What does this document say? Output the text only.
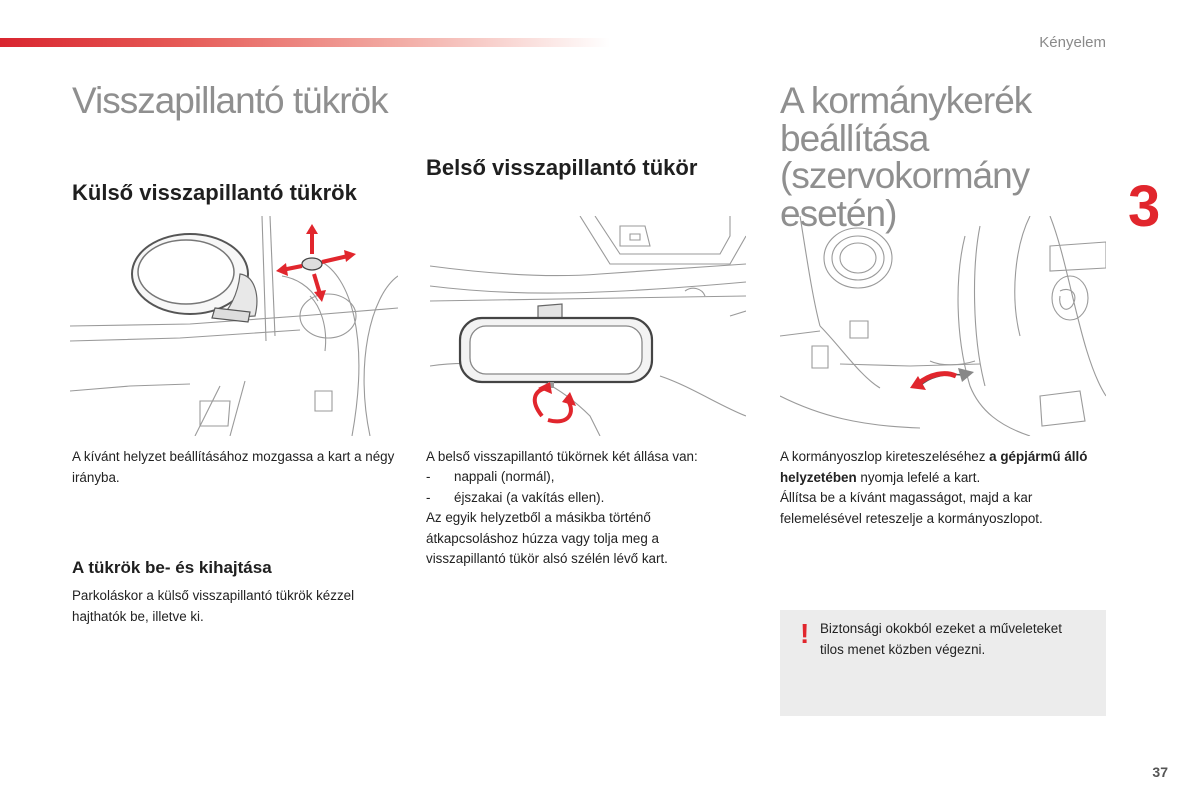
Kényelem
3
Visszapillantó tükrök
Külső visszapillantó tükrök

A kívánt helyzet beállításához mozgassa a kart a négy irányba.

A tükrök be- és kihajtása

Parkoláskor a külső visszapillantó tükrök kézzel hajthatók be, illetve ki.

Belső visszapillantó tükör

A belső visszapillantó tükörnek két állása van:

- nappali (normál),
- éjszakai (a vakítás ellen).

Az egyik helyzetből a másikba történő átkapcsoláshoz húzza vagy tolja meg a visszapillantó tükör alsó szélén lévő kart.

A kormánykerék beállítása (szervokormány esetén)

A kormányoszlop kireteszeléséhez a gépjármű álló helyzetében nyomja lefelé a kart.

Állítsa be a kívánt magasságot, majd a kar felemelésével reteszelje a kormányoszlopot.

! Biztonsági okokból ezeket a műveleteket tilos menet közben végezni.
37
